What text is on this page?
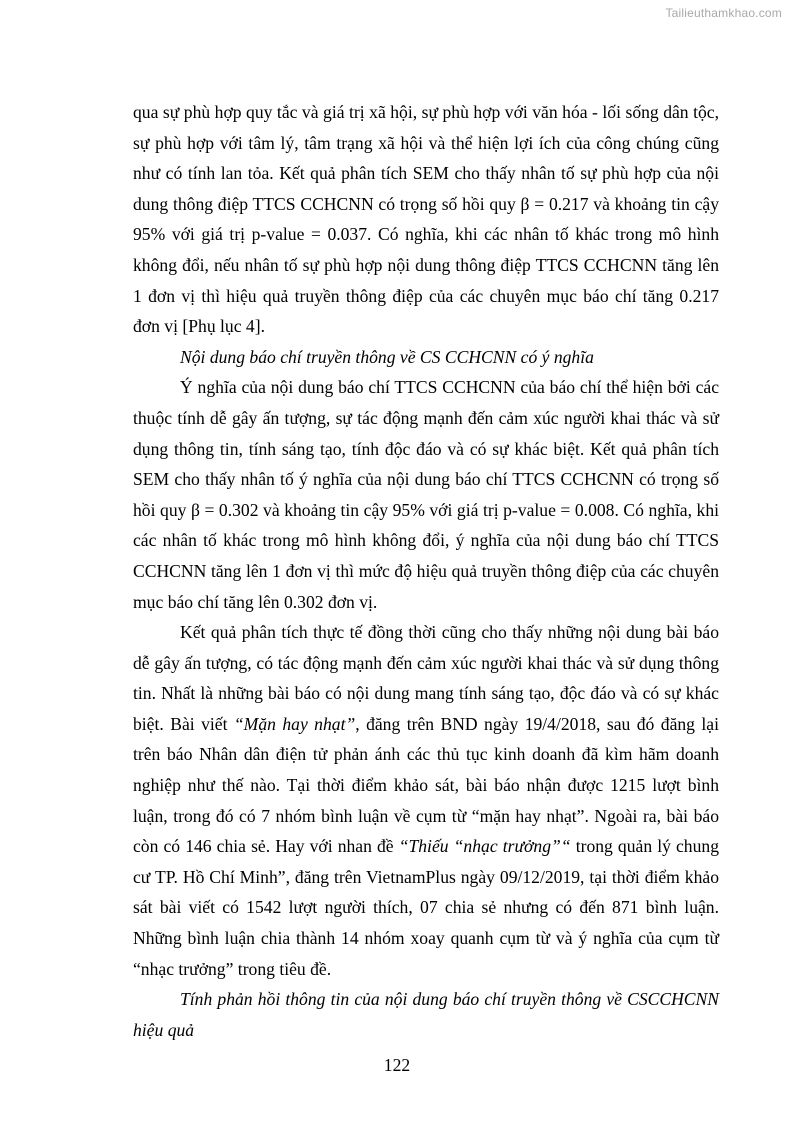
Tailieuthamkhao.com

qua sự phù hợp quy tắc và giá trị xã hội, sự phù hợp với văn hóa - lối sống dân tộc, sự phù hợp với tâm lý, tâm trạng xã hội và thể hiện lợi ích của công chúng cũng như có tính lan tỏa. Kết quả phân tích SEM cho thấy nhân tố sự phù hợp của nội dung thông điệp TTCS CCHCNN có trọng số hồi quy β = 0.217 và khoảng tin cậy 95% với giá trị p-value = 0.037. Có nghĩa, khi các nhân tố khác trong mô hình không đổi, nếu nhân tố sự phù hợp nội dung thông điệp TTCS CCHCNN tăng lên 1 đơn vị thì hiệu quả truyền thông điệp của các chuyên mục báo chí tăng 0.217 đơn vị [Phụ lục 4].

Nội dung báo chí truyền thông về CS CCHCNN có ý nghĩa

Ý nghĩa của nội dung báo chí TTCS CCHCNN của báo chí thể hiện bởi các thuộc tính dễ gây ấn tượng, sự tác động mạnh đến cảm xúc người khai thác và sử dụng thông tin, tính sáng tạo, tính độc đáo và có sự khác biệt. Kết quả phân tích SEM cho thấy nhân tố ý nghĩa của nội dung báo chí TTCS CCHCNN có trọng số hồi quy β = 0.302 và khoảng tin cậy 95% với giá trị p-value = 0.008. Có nghĩa, khi các nhân tố khác trong mô hình không đổi, ý nghĩa của nội dung báo chí TTCS CCHCNN tăng lên 1 đơn vị thì mức độ hiệu quả truyền thông điệp của các chuyên mục báo chí tăng lên 0.302 đơn vị.

Kết quả phân tích thực tế đồng thời cũng cho thấy những nội dung bài báo dễ gây ấn tượng, có tác động mạnh đến cảm xúc người khai thác và sử dụng thông tin. Nhất là những bài báo có nội dung mang tính sáng tạo, độc đáo và có sự khác biệt. Bài viết “Mặn hay nhạt”, đăng trên BND ngày 19/4/2018, sau đó đăng lại trên báo Nhân dân điện tử phản ánh các thủ tục kinh doanh đã kìm hãm doanh nghiệp như thế nào. Tại thời điểm khảo sát, bài báo nhận được 1215 lượt bình luận, trong đó có 7 nhóm bình luận về cụm từ “mặn hay nhạt”. Ngoài ra, bài báo còn có 146 chia sẻ. Hay với nhan đề “Thiếu “nhạc trưởng”“ trong quản lý chung cư TP. Hồ Chí Minh”, đăng trên VietnamPlus ngày 09/12/2019, tại thời điểm khảo sát bài viết có 1542 lượt người thích, 07 chia sẻ nhưng có đến 871 bình luận. Những bình luận chia thành 14 nhóm xoay quanh cụm từ và ý nghĩa của cụm từ “nhạc trưởng” trong tiêu đề.

Tính phản hồi thông tin của nội dung báo chí truyền thông về CSCCHCNN hiệu quả

122
